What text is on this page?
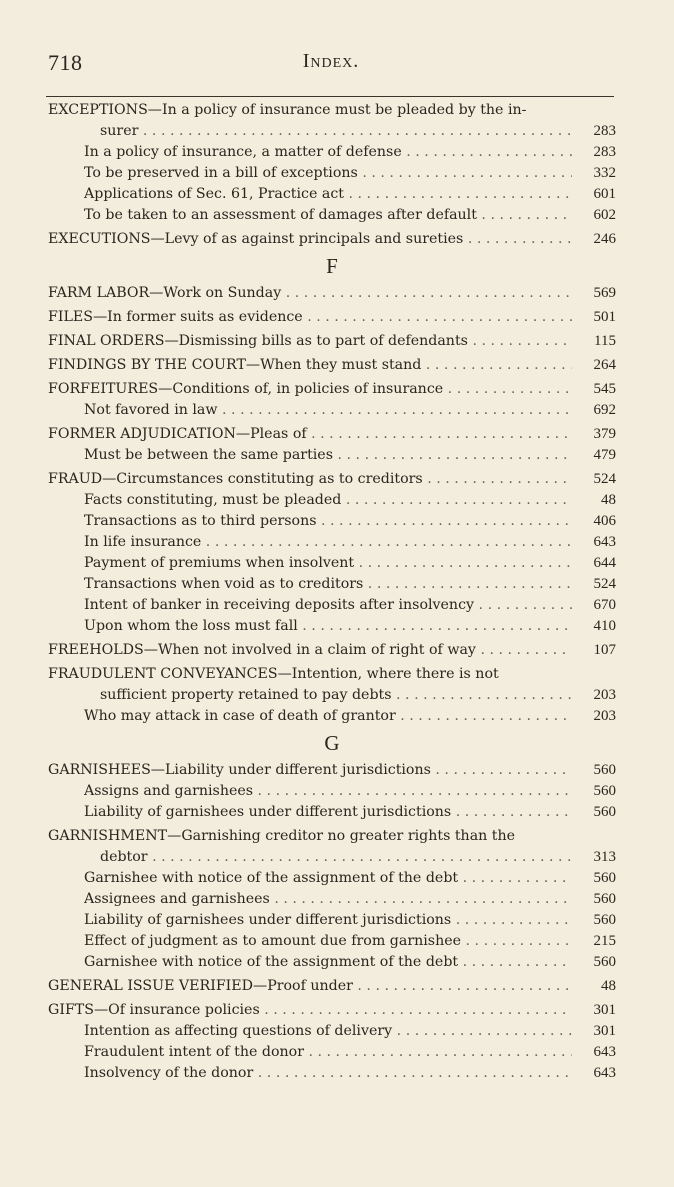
718	Index.
EXCEPTIONS—In a policy of insurance must be pleaded by the in-
surer . . .	283
In a policy of insurance, a matter of defense . . .	283
To be preserved in a bill of exceptions . . .	332
Applications of Sec. 61, Practice act . . .	601
To be taken to an assessment of damages after default . . .	602
EXECUTIONS—Levy of as against principals and sureties . . .	246
F
FARM LABOR—Work on Sunday . . .	569
FILES—In former suits as evidence . . .	501
FINAL ORDERS—Dismissing bills as to part of defendants . . .	115
FINDINGS BY THE COURT—When they must stand . . .	264
FORFEITURES—Conditions of, in policies of insurance . . .	545
Not favored in law . . .	692
FORMER ADJUDICATION—Pleas of . . .	379
Must be between the same parties . . .	479
FRAUD—Circumstances constituting as to creditors . . .	524
Facts constituting, must be pleaded . . .	48
Transactions as to third persons . . .	406
In life insurance . . .	643
Payment of premiums when insolvent . . .	644
Transactions when void as to creditors . . .	524
Intent of banker in receiving deposits after insolvency . . .	670
Upon whom the loss must fall . . .	410
FREEHOLDS—When not involved in a claim of right of way . . .	107
FRAUDULENT CONVEYANCES—Intention, where there is not
sufficient property retained to pay debts . . .	203
Who may attack in case of death of grantor . . .	203
G
GARNISHEES—Liability under different jurisdictions . . .	560
Assigns and garnishees . . .	560
Liability of garnishees under different jurisdictions . . .	560
GARNISHMENT—Garnishing creditor no greater rights than the
debtor . . .	313
Garnishee with notice of the assignment of the debt . . .	560
Assignees and garnishees . . .	560
Liability of garnishees under different jurisdictions . . .	560
Effect of judgment as to amount due from garnishee . . .	215
Garnishee with notice of the assignment of the debt . . .	560
GENERAL ISSUE VERIFIED—Proof under . . .	48
GIFTS—Of insurance policies . . .	301
Intention as affecting questions of delivery . . .	301
Fraudulent intent of the donor . . .	643
Insolvency of the donor . . .	643
